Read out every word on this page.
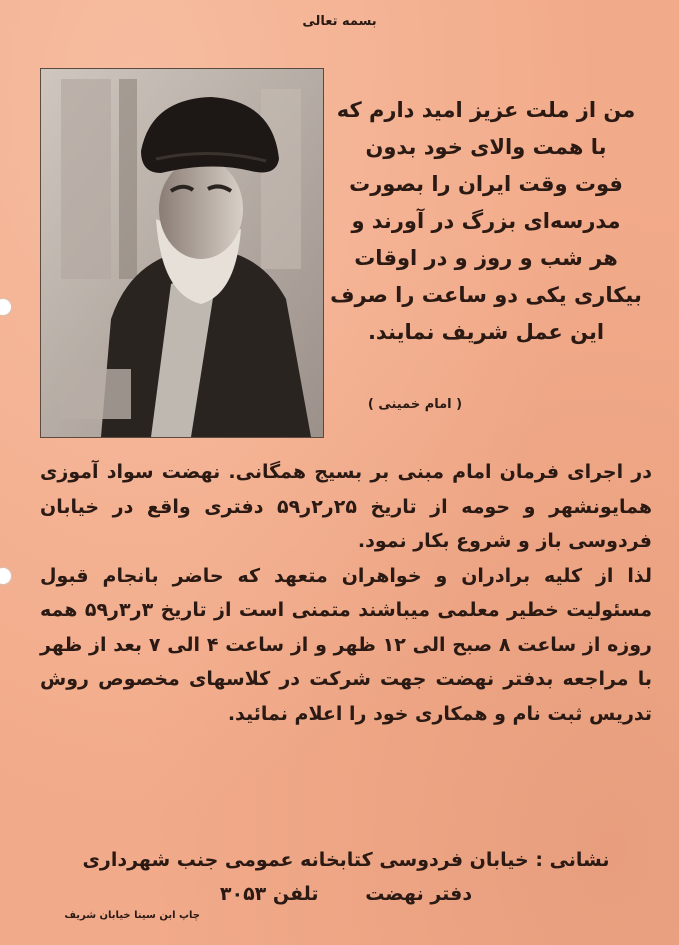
بسمه تعالی
من از ملت عزیز امید دارم که
با همت والای خود بدون
فوت وقت ایران را بصورت
مدرسه‌ای بزرگ در آورند و
هر شب و روز و در اوقات
بیکاری یکی دو ساعت را صرف
این عمل شریف نمایند.
( امام خمینی )

در اجرای فرمان امام مبنی بر بسیج همگانی. نهضت سواد آموزی همایونشهر و حومه از تاریخ ۲۵ر۲ر۵۹ دفتری واقع در خیابان فردوسی باز و شروع بکار نمود.

لذا از کلیه برادران و خواهران متعهد که حاضر بانجام قبول مسئولیت خطیر معلمی میباشند متمنی است از تاریخ ۳ر۳ر۵۹ همه روزه از ساعت ۸ صبح الی ۱۲ ظهر و از ساعت ۴ الی ۷ بعد از ظهر با مراجعه بدفتر نهضت جهت شرکت در کلاسهای مخصوص روش تدریس ثبت نام و همکاری خود را اعلام نمائید.

نشانی : خیابان فردوسی کتابخانه عمومی جنب شهرداری
دفتر نهضت تلفن ۳۰۵۳
چاپ ابن سینا خیابان شریف
